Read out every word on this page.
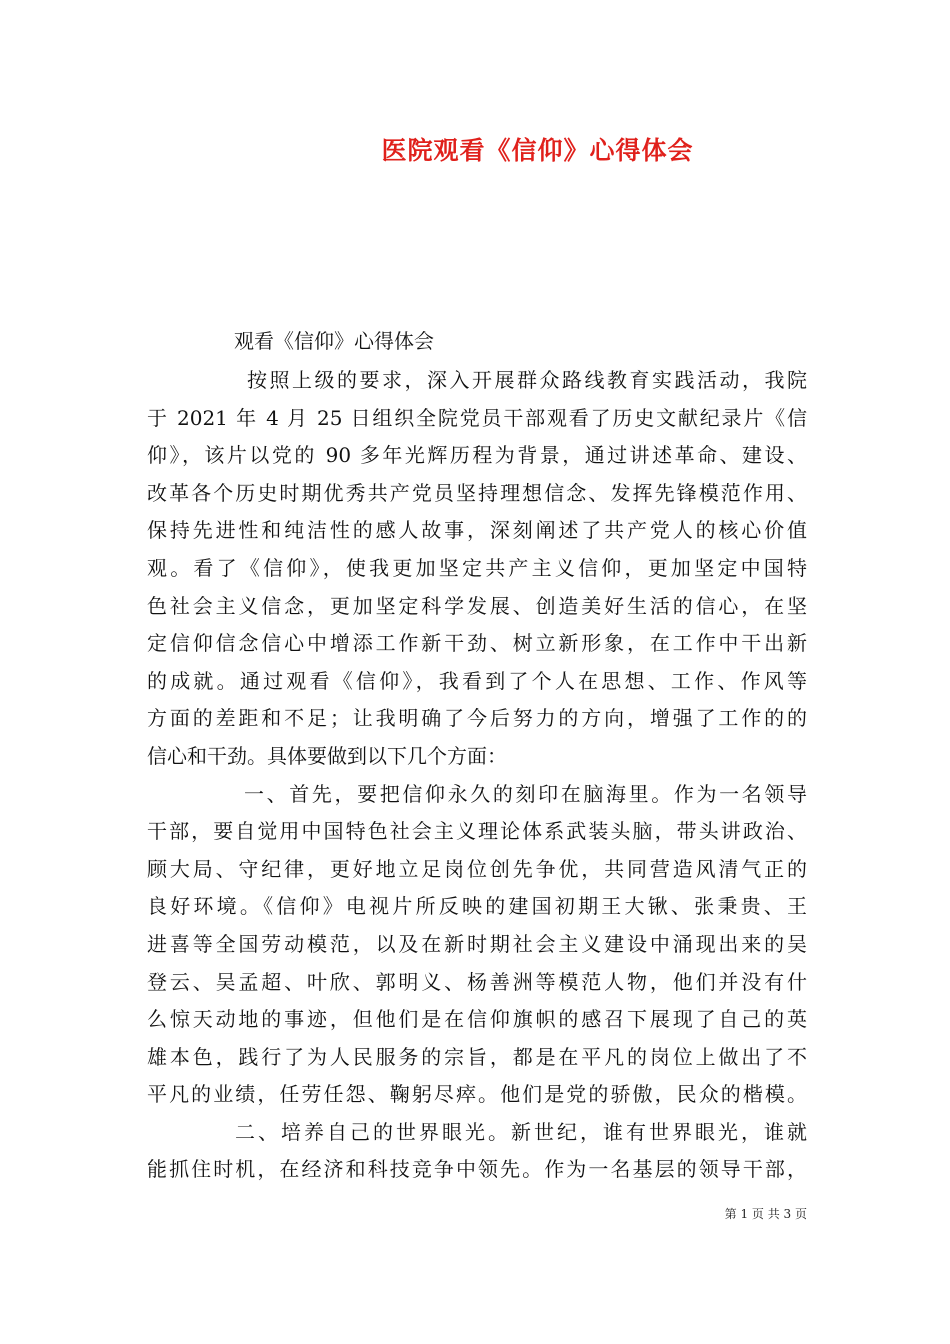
医院观看《信仰》心得体会
观看《信仰》心得体会
按照上级的要求，深入开展群众路线教育实践活动，我院
于 2021 年 4 月 25 日组织全院党员干部观看了历史文献纪录片《信
仰》，该片以党的 90 多年光辉历程为背景，通过讲述革命、建设、
改革各个历史时期优秀共产党员坚持理想信念、发挥先锋模范作用、
保持先进性和纯洁性的感人故事，深刻阐述了共产党人的核心价值
观。看了《信仰》，使我更加坚定共产主义信仰，更加坚定中国特
色社会主义信念，更加坚定科学发展、创造美好生活的信心，在坚
定信仰信念信心中增添工作新干劲、树立新形象，在工作中干出新
的成就。通过观看《信仰》，我看到了个人在思想、工作、作风等
方面的差距和不足；让我明确了今后努力的方向，增强了工作的的
信心和干劲。具体要做到以下几个方面：
一、首先，要把信仰永久的刻印在脑海里。作为一名领导
干部，要自觉用中国特色社会主义理论体系武装头脑，带头讲政治、
顾大局、守纪律，更好地立足岗位创先争优，共同营造风清气正的
良好环境。《信仰》电视片所反映的建国初期王大锹、张秉贵、王
进喜等全国劳动模范，以及在新时期社会主义建设中涌现出来的吴
登云、吴孟超、叶欣、郭明义、杨善洲等模范人物，他们并没有什
么惊天动地的事迹，但他们是在信仰旗帜的感召下展现了自己的英
雄本色，践行了为人民服务的宗旨，都是在平凡的岗位上做出了不
平凡的业绩，任劳任怨、鞠躬尽瘁。他们是党的骄傲，民众的楷模。
二、培养自己的世界眼光。新世纪，谁有世界眼光，谁就
能抓住时机，在经济和科技竞争中领先。作为一名基层的领导干部，
第 1 页 共 3 页
